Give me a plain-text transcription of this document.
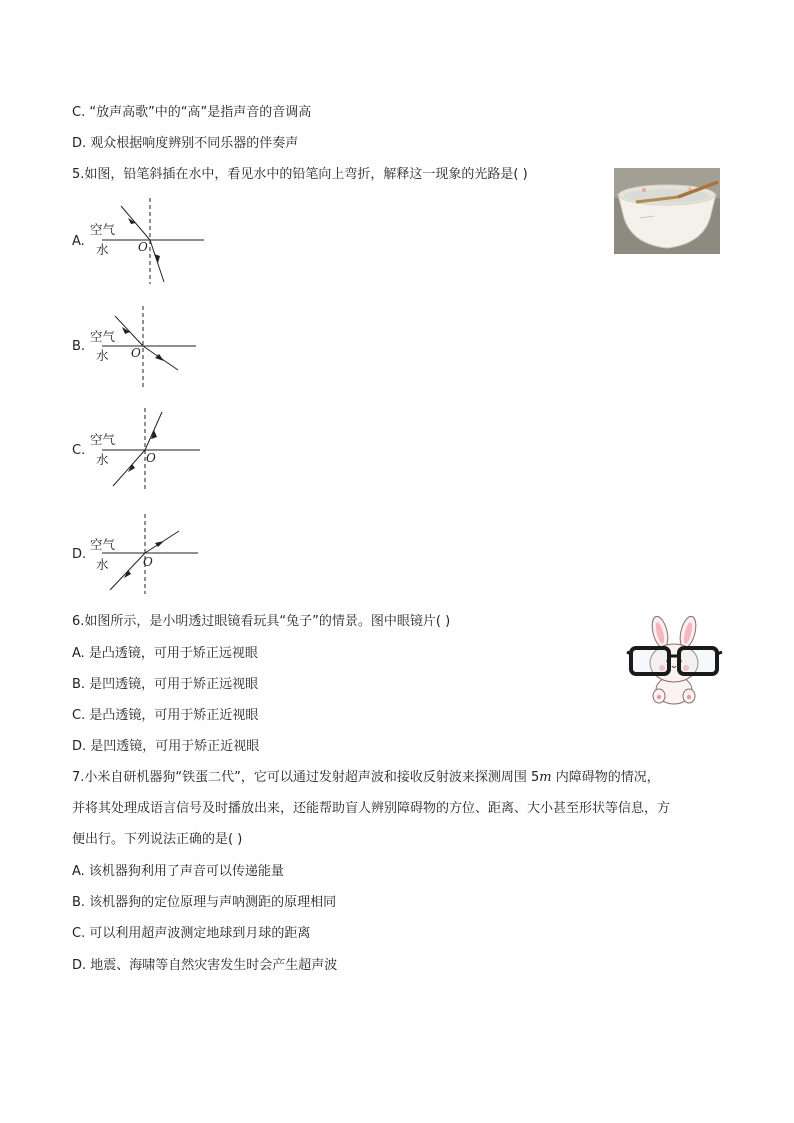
C. “放声高歌”中的“高”是指声音的音调高
D. 观众根据响度辨别不同乐器的伴奏声
5.如图，铅笔斜插在水中，看见水中的铅笔向上弯折，解释这一现象的光路是( )
A.
空气
水 O
B.
空气
水 O
C.
空气
水	O
D.
空气
水	O
6.如图所示，是小明透过眼镜看玩具“兔子”的情景。图中眼镜片( )
A. 是凸透镜，可用于矫正远视眼
B. 是凹透镜，可用于矫正远视眼
C. 是凸透镜，可用于矫正近视眼
D. 是凹透镜，可用于矫正近视眼
7.小米自研机器狗“铁蛋二代”，它可以通过发射超声波和接收反射波来探测周围 5m 内障碍物的情况，
并将其处理成语言信号及时播放出来，还能帮助盲人辨别障碍物的方位、距离、大小甚至形状等信息，方
便出行。下列说法正确的是( )
A. 该机器狗利用了声音可以传递能量
B. 该机器狗的定位原理与声呐测距的原理相同
C. 可以利用超声波测定地球到月球的距离
D. 地震、海啸等自然灾害发生时会产生超声波
